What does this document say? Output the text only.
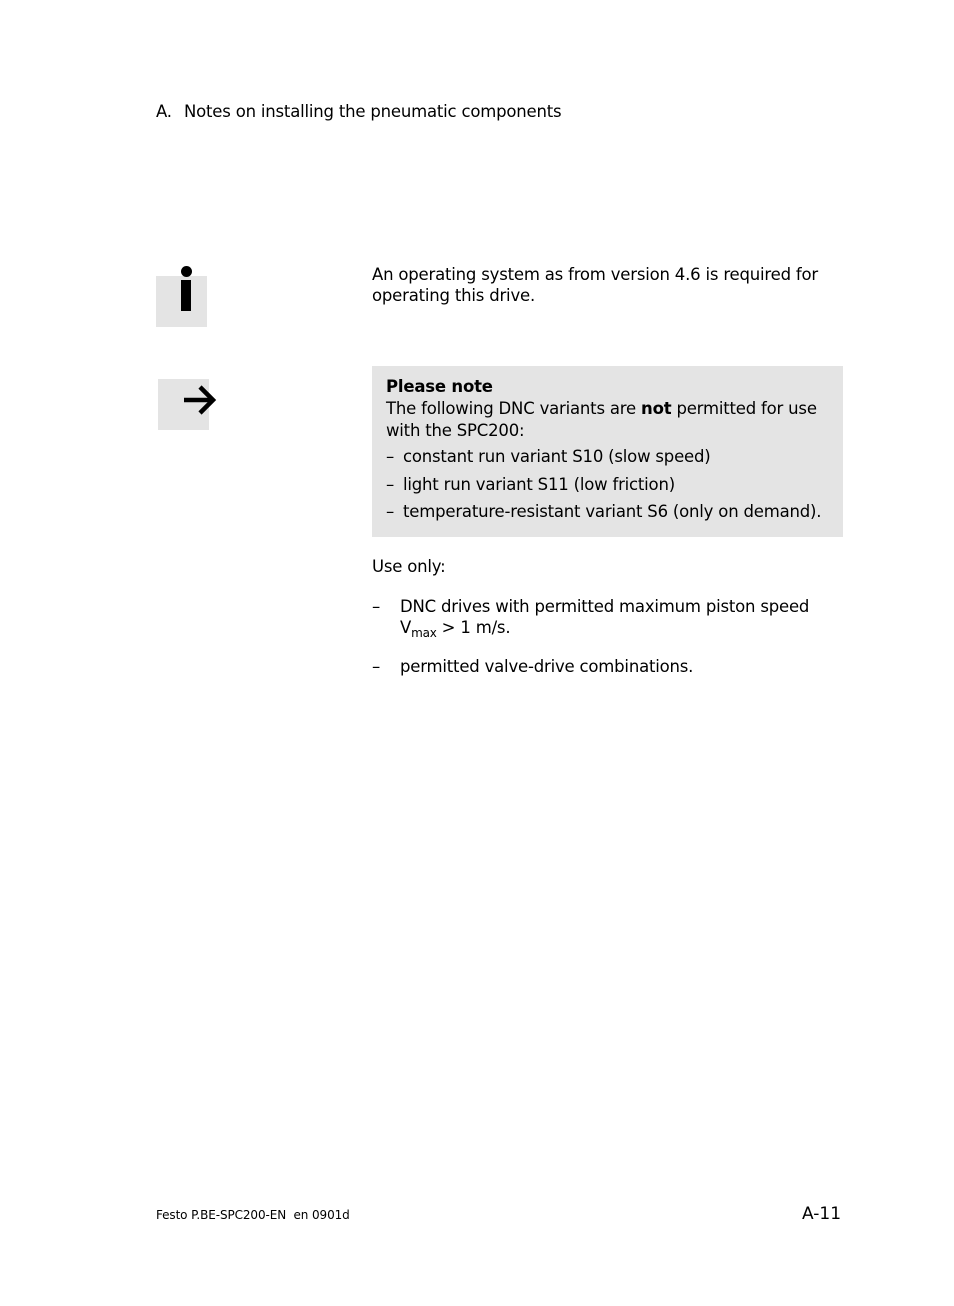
A. Notes on installing the pneumatic components
An operating system as from version 4.6 is required for operating this drive.
Please note
The following DNC variants are not permitted for use with the SPC200:
– constant run variant S10 (slow speed)
– light run variant S11 (low friction)
– temperature-resistant variant S6 (only on demand).
Use only:
– DNC drives with permitted maximum piston speed
$V_{max} > 1$ m/s.
– permitted valve-drive combinations.
Festo P.BE-SPC200-EN  en 0901d	A-11
